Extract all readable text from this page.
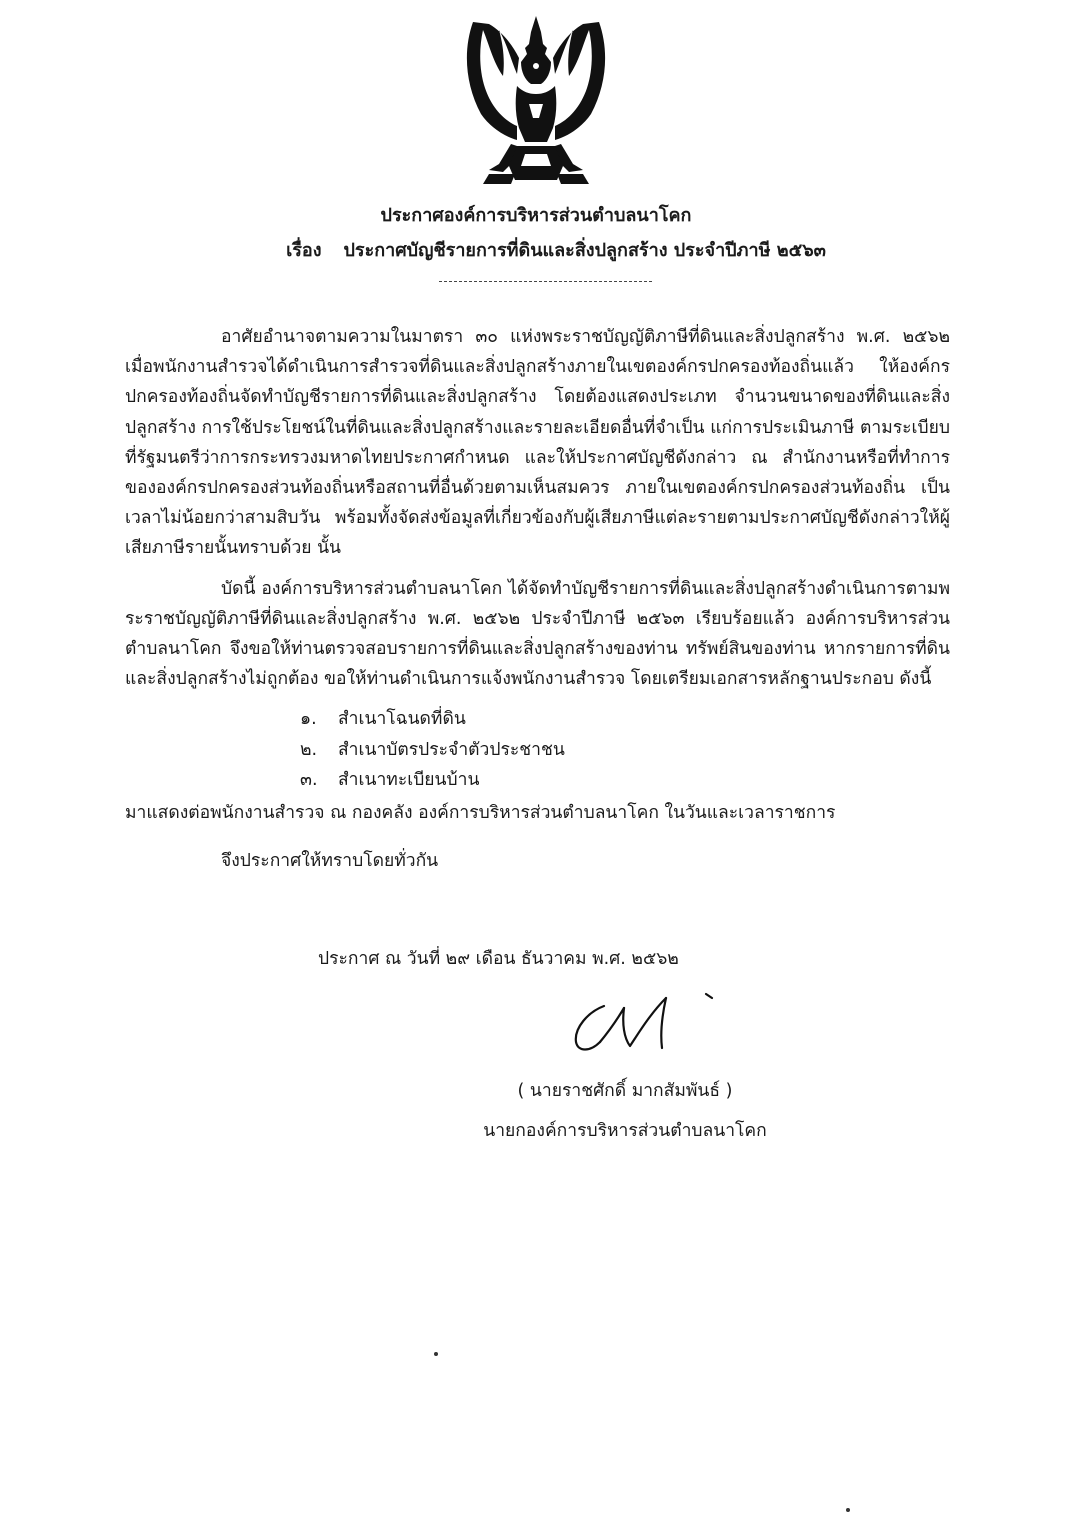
ประกาศองค์การบริหารส่วนตำบลนาโคก
เรื่อง ประกาศบัญชีรายการที่ดินและสิ่งปลูกสร้าง ประจำปีภาษี ๒๕๖๓

อาศัยอำนาจตามความในมาตรา ๓๐ แห่งพระราชบัญญัติภาษีที่ดินและสิ่งปลูกสร้าง พ.ศ. ๒๕๖๒ เมื่อพนักงานสำรวจได้ดำเนินการสำรวจที่ดินและสิ่งปลูกสร้างภายในเขตองค์กรปกครองท้องถิ่นแล้ว ให้องค์กรปกครองท้องถิ่นจัดทำบัญชีรายการที่ดินและสิ่งปลูกสร้าง โดยต้องแสดงประเภท จำนวนขนาดของที่ดินและสิ่งปลูกสร้าง การใช้ประโยชน์ในที่ดินและสิ่งปลูกสร้างและรายละเอียดอื่นที่จำเป็น แก่การประเมินภาษี ตามระเบียบที่รัฐมนตรีว่าการกระทรวงมหาดไทยประกาศกำหนด และให้ประกาศบัญชีดังกล่าว ณ สำนักงานหรือที่ทำการขององค์กรปกครองส่วนท้องถิ่นหรือสถานที่อื่นด้วยตามเห็นสมควร ภายในเขตองค์กรปกครองส่วนท้องถิ่น เป็นเวลาไม่น้อยกว่าสามสิบวัน พร้อมทั้งจัดส่งข้อมูลที่เกี่ยวข้องกับผู้เสียภาษีแต่ละรายตามประกาศบัญชีดังกล่าวให้ผู้เสียภาษีรายนั้นทราบด้วย นั้น

บัดนี้ องค์การบริหารส่วนตำบลนาโคก ได้จัดทำบัญชีรายการที่ดินและสิ่งปลูกสร้างดำเนินการตามพระราชบัญญัติภาษีที่ดินและสิ่งปลูกสร้าง พ.ศ. ๒๕๖๒ ประจำปีภาษี ๒๕๖๓ เรียบร้อยแล้ว องค์การบริหารส่วนตำบลนาโคก จึงขอให้ท่านตรวจสอบรายการที่ดินและสิ่งปลูกสร้างของท่าน ทรัพย์สินของท่าน หากรายการที่ดินและสิ่งปลูกสร้างไม่ถูกต้อง ขอให้ท่านดำเนินการแจ้งพนักงานสำรวจ โดยเตรียมเอกสารหลักฐานประกอบ ดังนี้

๑. สำเนาโฉนดที่ดิน
๒. สำเนาบัตรประจำตัวประชาชน
๓. สำเนาทะเบียนบ้าน

มาแสดงต่อพนักงานสำรวจ ณ กองคลัง องค์การบริหารส่วนตำบลนาโคก ในวันและเวลาราชการ

จึงประกาศให้ทราบโดยทั่วกัน

ประกาศ ณ วันที่ ๒๙ เดือน ธันวาคม พ.ศ. ๒๕๖๒
( นายราชศักดิ์ มากสัมพันธ์ )
นายกองค์การบริหารส่วนตำบลนาโคก
